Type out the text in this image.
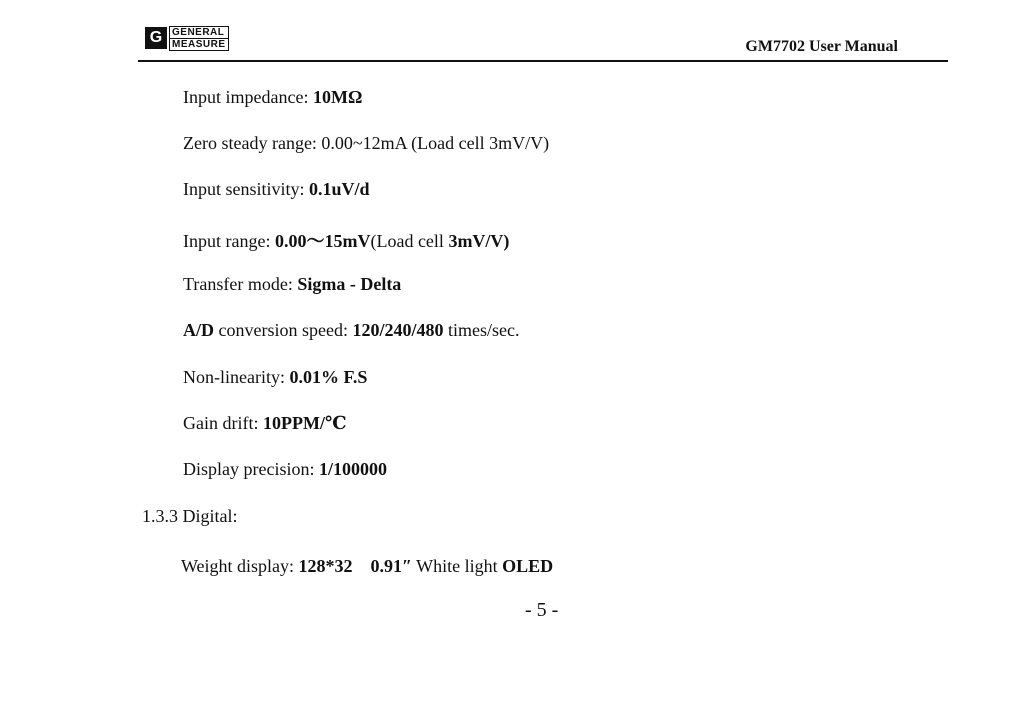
G GENERAL
MEASURE	GM7702 User Manual
Input impedance: 10MΩ
Zero steady range: 0.00~12mA (Load cell 3mV/V)
Input sensitivity: 0.1uV/d
Input range: 0.00～15mV(Load cell 3mV/V)
Transfer mode: Sigma - Delta
A/D conversion speed: 120/240/480 times/sec.
Non-linearity: 0.01% F.S
Gain drift: 10PPM/℃
Display precision: 1/100000
1.3.3 Digital:
Weight display: 128*32　0.91″ White light OLED
- 5 -
